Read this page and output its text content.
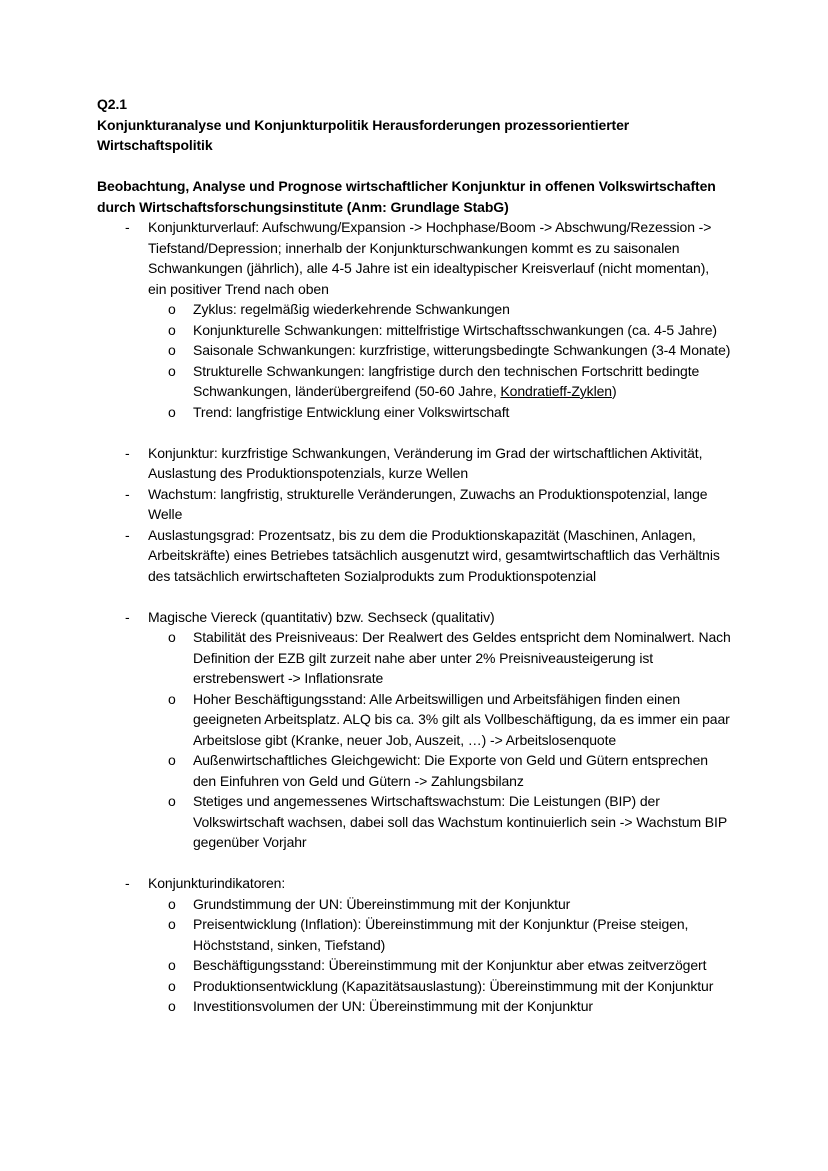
Q2.1
Konjunkturanalyse und Konjunkturpolitik Herausforderungen prozessorientierter Wirtschaftspolitik
Beobachtung, Analyse und Prognose wirtschaftlicher Konjunktur in offenen Volkswirtschaften durch Wirtschaftsforschungsinstitute (Anm: Grundlage StabG)
-	Konjunkturverlauf: Aufschwung/Expansion -> Hochphase/Boom -> Abschwung/Rezession -> Tiefstand/Depression; innerhalb der Konjunkturschwankungen kommt es zu saisonalen Schwankungen (jährlich), alle 4-5 Jahre ist ein idealtypischer Kreisverlauf (nicht momentan), ein positiver Trend nach oben
o	Zyklus: regelmäßig wiederkehrende Schwankungen
o	Konjunkturelle Schwankungen: mittelfristige Wirtschaftsschwankungen (ca. 4-5 Jahre)
o	Saisonale Schwankungen: kurzfristige, witterungsbedingte Schwankungen (3-4 Monate)
o	Strukturelle Schwankungen: langfristige durch den technischen Fortschritt bedingte Schwankungen, länderübergreifend (50-60 Jahre, Kondratieff-Zyklen)
o	Trend: langfristige Entwicklung einer Volkswirtschaft
-	Konjunktur: kurzfristige Schwankungen, Veränderung im Grad der wirtschaftlichen Aktivität, Auslastung des Produktionspotenzials, kurze Wellen
-	Wachstum: langfristig, strukturelle Veränderungen, Zuwachs an Produktionspotenzial, lange Welle
-	Auslastungsgrad: Prozentsatz, bis zu dem die Produktionskapazität (Maschinen, Anlagen, Arbeitskräfte) eines Betriebes tatsächlich ausgenutzt wird, gesamtwirtschaftlich das Verhältnis des tatsächlich erwirtschafteten Sozialprodukts zum Produktionspotenzial
-	Magische Viereck (quantitativ) bzw. Sechseck (qualitativ)
o	Stabilität des Preisniveaus: Der Realwert des Geldes entspricht dem Nominalwert. Nach Definition der EZB gilt zurzeit nahe aber unter 2% Preisniveausteigerung ist erstrebenswert -> Inflationsrate
o	Hoher Beschäftigungsstand: Alle Arbeitswilligen und Arbeitsfähigen finden einen geeigneten Arbeitsplatz. ALQ bis ca. 3% gilt als Vollbeschäftigung, da es immer ein paar Arbeitslose gibt (Kranke, neuer Job, Auszeit, …) -> Arbeitslosenquote
o	Außenwirtschaftliches Gleichgewicht: Die Exporte von Geld und Gütern entsprechen den Einfuhren von Geld und Gütern -> Zahlungsbilanz
o	Stetiges und angemessenes Wirtschaftswachstum: Die Leistungen (BIP) der Volkswirtschaft wachsen, dabei soll das Wachstum kontinuierlich sein -> Wachstum BIP gegenüber Vorjahr
-	Konjunkturindikatoren:
o	Grundstimmung der UN: Übereinstimmung mit der Konjunktur
o	Preisentwicklung (Inflation): Übereinstimmung mit der Konjunktur (Preise steigen, Höchststand, sinken, Tiefstand)
o	Beschäftigungsstand: Übereinstimmung mit der Konjunktur aber etwas zeitverzögert
o	Produktionsentwicklung (Kapazitätsauslastung): Übereinstimmung mit der Konjunktur
o	Investitionsvolumen der UN: Übereinstimmung mit der Konjunktur
